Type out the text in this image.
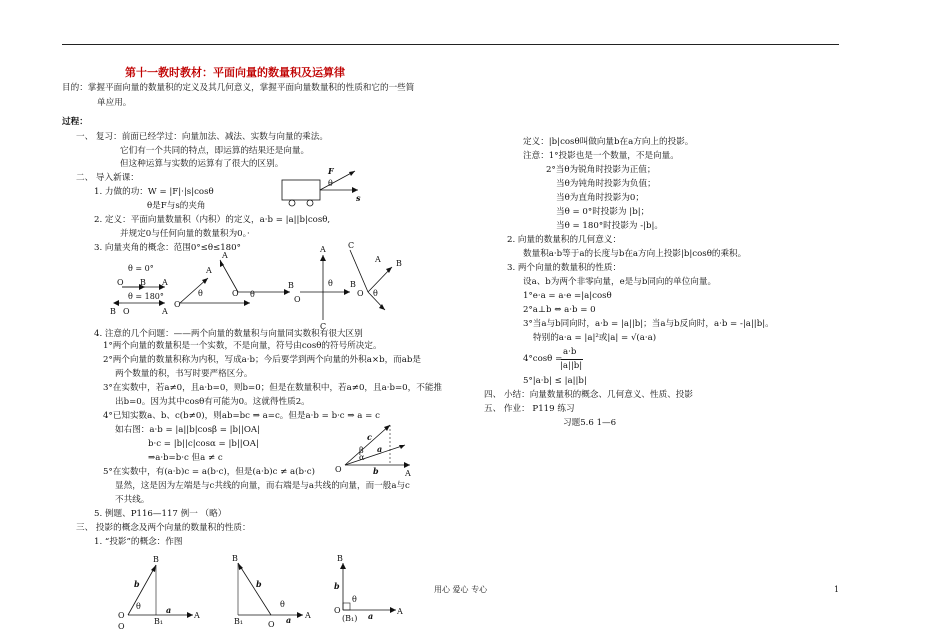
第十一教时教材：平面向量的数量积及运算律
目的：掌握平面向量的数量积的定义及其几何意义，掌握平面向量数量积的性质和它的一些简
单应用。
过程：
一、 复习：前面已经学过：向量加法、减法、实数与向量的乘法。
它们有一个共同的特点，即运算的结果还是向量。
但这种运算与实数的运算有了很大的区别。
二、 导入新课：
1. 力做的功：W = |F|·|s|cosθ
θ是F与s的夹角
2. 定义：平面向量数量积（内积）的定义，a·b = |a||b|cosθ,
并规定0与任何向量的数量积为0。·
3. 向量夹角的概念：范围0°≤θ≤180°
4. 注意的几个问题：——两个向量的数量积与向量同实数积有很大区别
1°两个向量的数量积是一个实数，不是向量，符号由cosθ的符号所决定。
2°两个向量的数量积称为内积，写成a·b；今后要学到两个向量的外积a×b，而ab是
两个数量的积，书写时要严格区分。
3°在实数中，若a≠0，且a·b=0，则b=0；但是在数量积中，若a≠0，且a·b=0，不能推
出b=0。因为其中cosθ有可能为0。这就得性质2。
4°已知实数a、b、c(b≠0)，则ab=bc ⇒ a=c。但是a·b = b·c ⇒ a = c
如右图：a·b = |a||b|cosβ = |b||OA|
b·c = |b||c|cosα = |b||OA|
⇒a·b=b·c 但a ≠ c
5°在实数中，有(a·b)c = a(b·c)，但是(a·b)c ≠ a(b·c)
显然，这是因为左端是与c共线的向量，而右端是与a共线的向量，而一般a与c
不共线。
5. 例题、P116—117 例一 （略）
三、 投影的概念及两个向量的数量积的性质：
1. “投影”的概念：作图
θ
F
s
θ = 0°
O B A
θ = 180°
B O	A
O
A
θ
A
O
B
θ
A
O
B
C
θ
C
A B
O θ
O	A
c
a
b
α
β
B
b
θ	a
A
O
O
B₁
B
b
θ
a A
B₁	O
B
b
θ
a	A
O
(B₁)
定义：|b|cosθ叫做向量b在a方向上的投影。
注意：1°投影也是一个数量，不是向量。
2°当θ为锐角时投影为正值；
当θ为钝角时投影为负值；
当θ为直角时投影为0；
当θ = 0°时投影为 |b|；
当θ = 180°时投影为 -|b|。
2. 向量的数量积的几何意义：
数量积a·b等于a的长度与b在a方向上投影|b|cosθ的乘积。
3. 两个向量的数量积的性质：
设a、b为两个非零向量，e是与b同向的单位向量。
1°e·a = a·e =|a|cosθ
2°a⊥b ⇔ a·b = 0
3°当a与b同向时，a·b = |a||b|；当a与b反向时，a·b = -|a||b|。
特别的a·a = |a|²或|a| = √(a·a)
4°cosθ =
a·b
|a||b|
5°|a·b| ≤ |a||b|
四、 小结：向量数量积的概念、几何意义、性质、投影
五、 作业： P119 练习
习题5.6 1—6
用心 爱心 专心	1
